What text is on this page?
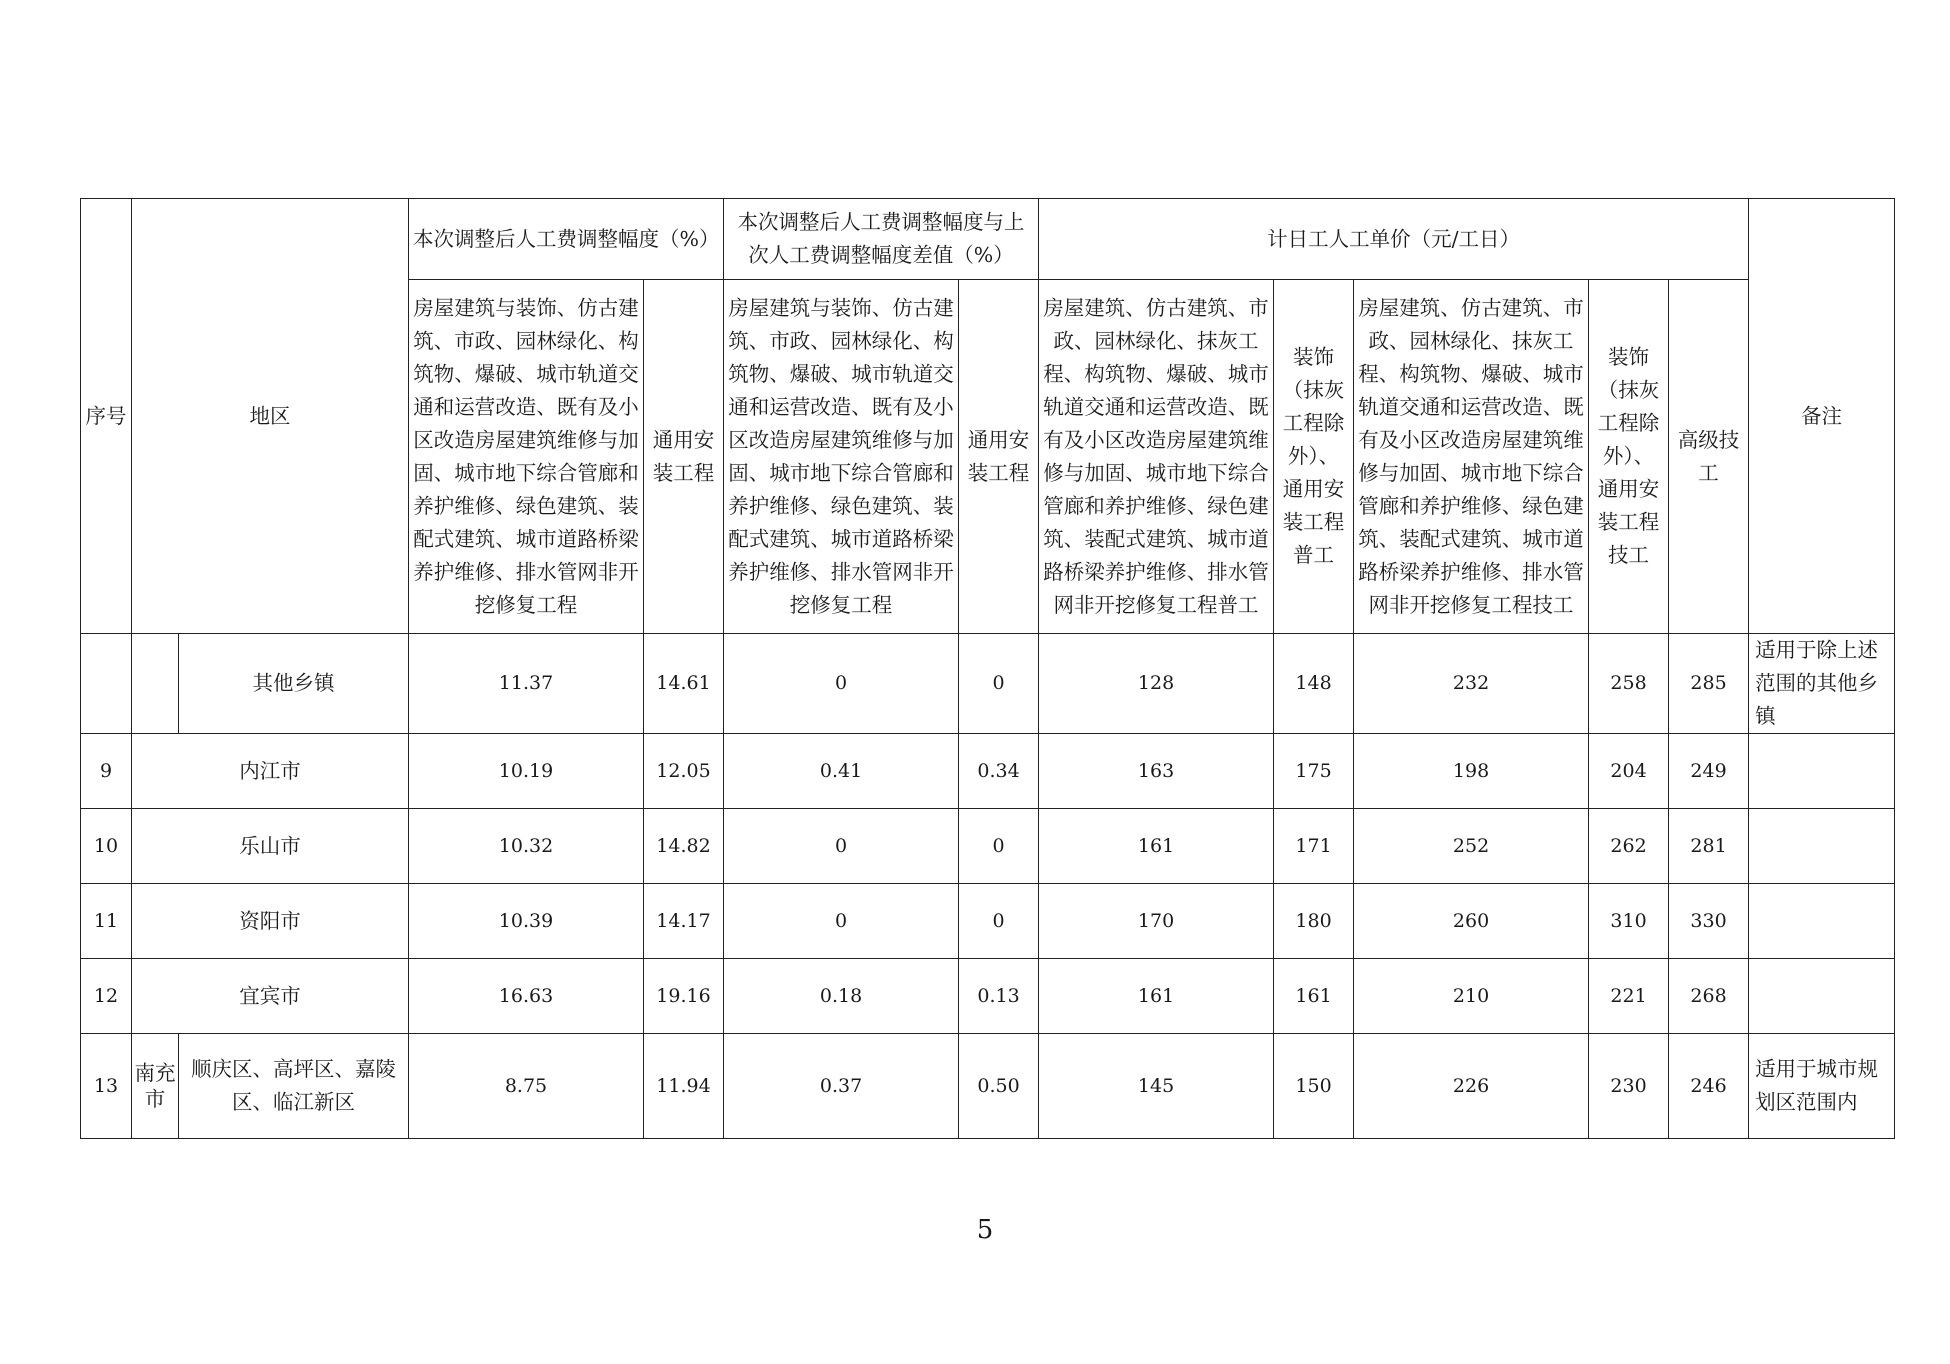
序号	地区		本次调整后人工费调整幅度（%）		本次调整后人工费调整幅度与上次人工费调整幅度差值（%）		计日工人工单价（元/工日）					备注
			房屋建筑与装饰、仿古建筑、市政、园林绿化、构筑物、爆破、城市轨道交通和运营改造、既有及小区改造房屋建筑维修与加固、城市地下综合管廊和养护维修、绿色建筑、装配式建筑、城市道路桥梁养护维修、排水管网非开挖修复工程	通用安装工程	房屋建筑与装饰、仿古建筑、市政、园林绿化、构筑物、爆破、城市轨道交通和运营改造、既有及小区改造房屋建筑维修与加固、城市地下综合管廊和养护维修、绿色建筑、装配式建筑、城市道路桥梁养护维修、排水管网非开挖修复工程	通用安装工程	房屋建筑、仿古建筑、市政、园林绿化、抹灰工程、构筑物、爆破、城市轨道交通和运营改造、既有及小区改造房屋建筑维修与加固、城市地下综合管廊和养护维修、绿色建筑、装配式建筑、城市道路桥梁养护维修、排水管网非开挖修复工程普工	装饰（抹灰工程除外）、通用安装工程普工	房屋建筑、仿古建筑、市政、园林绿化、抹灰工程、构筑物、爆破、城市轨道交通和运营改造、既有及小区改造房屋建筑维修与加固、城市地下综合管廊和养护维修、绿色建筑、装配式建筑、城市道路桥梁养护维修、排水管网非开挖修复工程技工	装饰（抹灰工程除外）、通用安装工程技工	高级技工	
		其他乡镇	11.37	14.61	0	0	128	148	232	258	285	适用于除上述范围的其他乡镇
9	内江市		10.19	12.05	0.41	0.34	163	175	198	204	249	
10	乐山市		10.32	14.82	0	0	161	171	252	262	281	
11	资阳市		10.39	14.17	0	0	170	180	260	310	330	
12	宜宾市		16.63	19.16	0.18	0.13	161	161	210	221	268	
13	南充市	顺庆区、高坪区、嘉陵区、临江新区	8.75	11.94	0.37	0.50	145	150	226	230	246	适用于城市规划区范围内
5
